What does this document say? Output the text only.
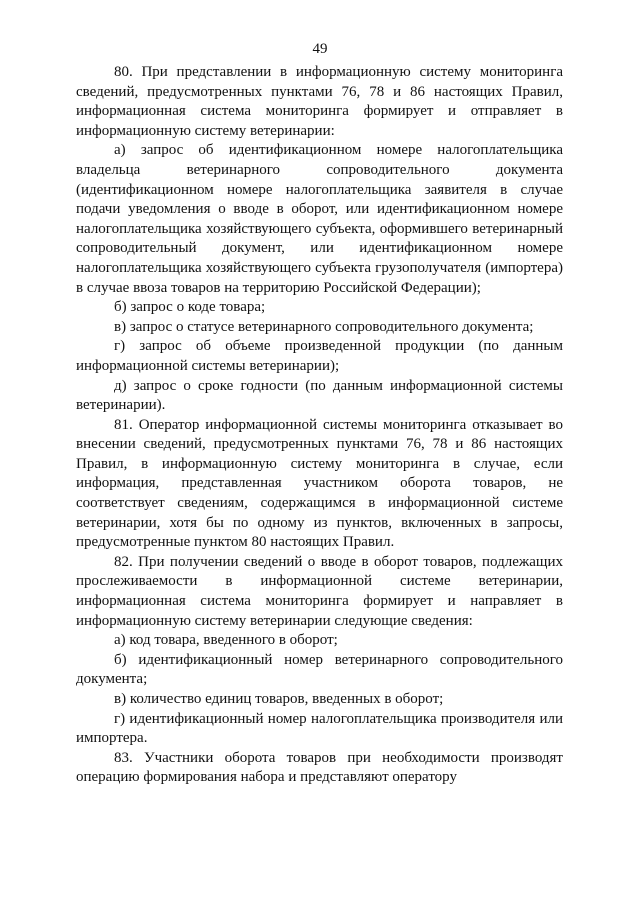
49

80. При представлении в информационную систему мониторинга сведений, предусмотренных пунктами 76, 78 и 86 настоящих Правил, информационная система мониторинга формирует и отправляет в информационную систему ветеринарии:

а) запрос об идентификационном номере налогоплательщика владельца ветеринарного сопроводительного документа (идентификационном номере налогоплательщика заявителя в случае подачи уведомления о вводе в оборот, или идентификационном номере налогоплательщика хозяйствующего субъекта, оформившего ветеринарный сопроводительный документ, или идентификационном номере налогоплательщика хозяйствующего субъекта грузополучателя (импортера) в случае ввоза товаров на территорию Российской Федерации);

б) запрос о коде товара;

в) запрос о статусе ветеринарного сопроводительного документа;

г) запрос об объеме произведенной продукции (по данным информационной системы ветеринарии);

д) запрос о сроке годности (по данным информационной системы ветеринарии).

81. Оператор информационной системы мониторинга отказывает во внесении сведений, предусмотренных пунктами 76, 78 и 86 настоящих Правил, в информационную систему мониторинга в случае, если информация, представленная участником оборота товаров, не соответствует сведениям, содержащимся в информационной системе ветеринарии, хотя бы по одному из пунктов, включенных в запросы, предусмотренные пунктом 80 настоящих Правил.

82. При получении сведений о вводе в оборот товаров, подлежащих прослеживаемости в информационной системе ветеринарии, информационная система мониторинга формирует и направляет в информационную систему ветеринарии следующие сведения:

а) код товара, введенного в оборот;

б) идентификационный номер ветеринарного сопроводительного документа;

в) количество единиц товаров, введенных в оборот;

г) идентификационный номер налогоплательщика производителя или импортера.

83. Участники оборота товаров при необходимости производят операцию формирования набора и представляют оператору
